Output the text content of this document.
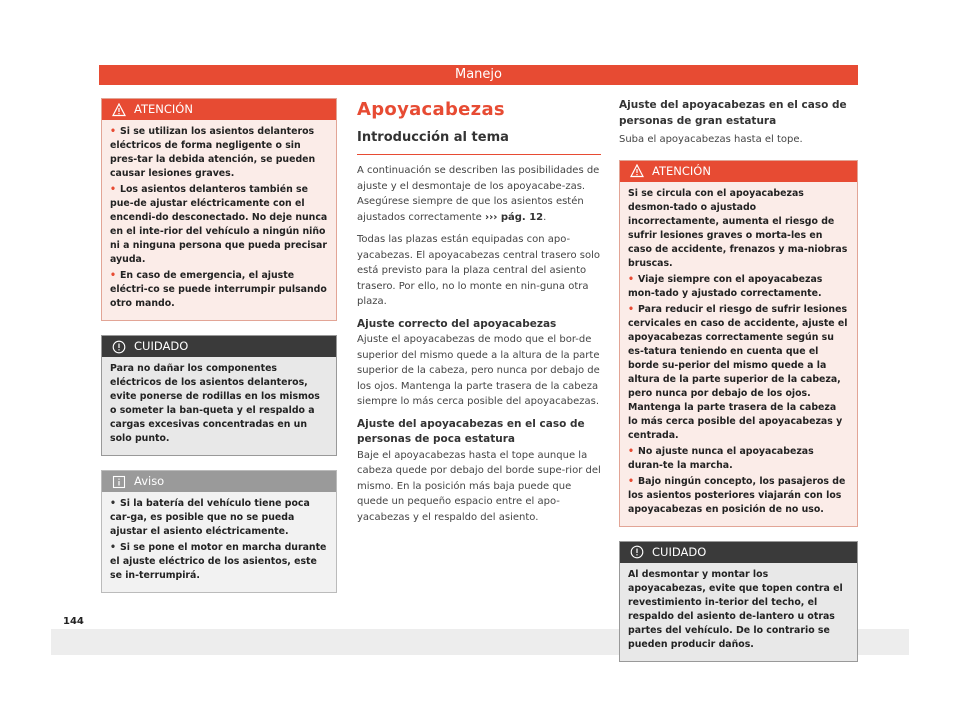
Manejo
ATENCIÓN

• Si se utilizan los asientos delanteros eléctricos de forma negligente o sin pres-tar la debida atención, se pueden causar lesiones graves.

• Los asientos delanteros también se pue-de ajustar eléctricamente con el encendi-do desconectado. No deje nunca en el inte-rior del vehículo a ningún niño ni a ninguna persona que pueda precisar ayuda.

• En caso de emergencia, el ajuste eléctri-co se puede interrumpir pulsando otro mando.

CUIDADO

Para no dañar los componentes eléctricos de los asientos delanteros, evite ponerse de rodillas en los mismos o someter la ban-queta y el respaldo a cargas excesivas concentradas en un solo punto.

Aviso

• Si la batería del vehículo tiene poca car-ga, es posible que no se pueda ajustar el asiento eléctricamente.

• Si se pone el motor en marcha durante el ajuste eléctrico de los asientos, este se in-terrumpirá.

Apoyacabezas
Introducción al tema

A continuación se describen las posibilidades de ajuste y el desmontaje de los apoyacabe-zas. Asegúrese siempre de que los asientos estén ajustados correctamente ››› pág. 12.

Todas las plazas están equipadas con apo-yacabezas. El apoyacabezas central trasero solo está previsto para la plaza central del asiento trasero. Por ello, no lo monte en nin-guna otra plaza.

Ajuste correcto del apoyacabezas

Ajuste el apoyacabezas de modo que el bor-de superior del mismo quede a la altura de la parte superior de la cabeza, pero nunca por debajo de los ojos. Mantenga la parte trasera de la cabeza siempre lo más cerca posible del apoyacabezas.

Ajuste del apoyacabezas en el caso de personas de poca estatura

Baje el apoyacabezas hasta el tope aunque la cabeza quede por debajo del borde supe-rior del mismo. En la posición más baja puede que quede un pequeño espacio entre el apo-yacabezas y el respaldo del asiento.

Ajuste del apoyacabezas en el caso de personas de gran estatura

Suba el apoyacabezas hasta el tope.

ATENCIÓN

Si se circula con el apoyacabezas desmon-tado o ajustado incorrectamente, aumenta el riesgo de sufrir lesiones graves o morta-les en caso de accidente, frenazos y ma-niobras bruscas.

• Viaje siempre con el apoyacabezas mon-tado y ajustado correctamente.

• Para reducir el riesgo de sufrir lesiones cervicales en caso de accidente, ajuste el apoyacabezas correctamente según su es-tatura teniendo en cuenta que el borde su-perior del mismo quede a la altura de la parte superior de la cabeza, pero nunca por debajo de los ojos. Mantenga la parte trasera de la cabeza lo más cerca posible del apoyacabezas y centrada.

• No ajuste nunca el apoyacabezas duran-te la marcha.

• Bajo ningún concepto, los pasajeros de los asientos posteriores viajarán con los apoyacabezas en posición de no uso.

CUIDADO

Al desmontar y montar los apoyacabezas, evite que topen contra el revestimiento in-terior del techo, el respaldo del asiento de-lantero u otras partes del vehículo. De lo contrario se pueden producir daños.

144
